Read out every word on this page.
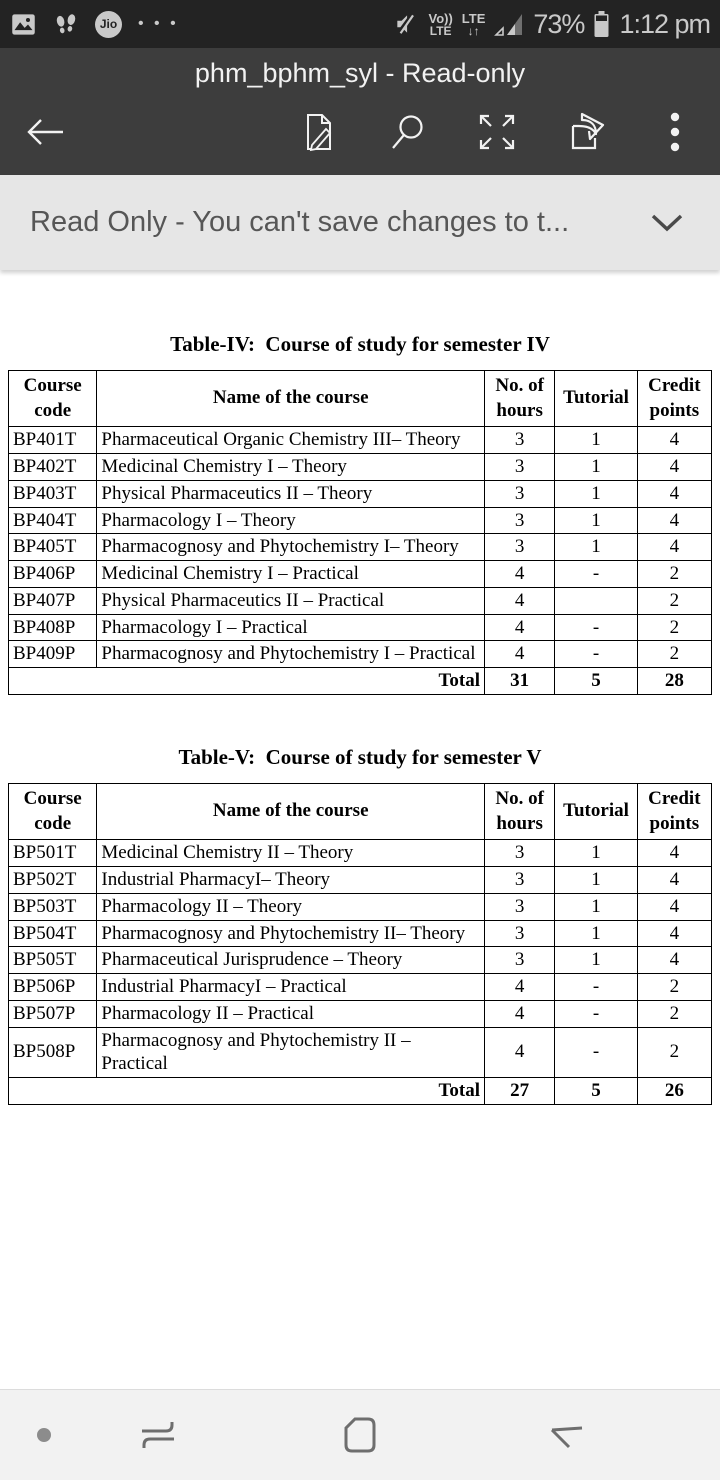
Jio	• • •	Vo))
LTE
LTE
↓↑ 73% 1:12 pm
phm_bphm_syl - Read-only
Read Only - You can't save changes to t...
Table-IV:  Course of study for semester IV
Course code	Name of the course	No. of hours	Tutorial	Credit points
BP401T	Pharmaceutical Organic Chemistry III– Theory	3	1	4
BP402T	Medicinal Chemistry I – Theory	3	1	4
BP403T	Physical Pharmaceutics II – Theory	3	1	4
BP404T	Pharmacology I – Theory	3	1	4
BP405T	Pharmacognosy and Phytochemistry I– Theory	3	1	4
BP406P	Medicinal Chemistry I – Practical	4	-	2
BP407P	Physical Pharmaceutics II – Practical	4		2
BP408P	Pharmacology I – Practical	4	-	2
BP409P	Pharmacognosy and Phytochemistry I – Practical	4	-	2
Total		31	5	28
Table-V:  Course of study for semester V
Course code	Name of the course	No. of hours	Tutorial	Credit points
BP501T	Medicinal Chemistry II – Theory	3	1	4
BP502T	Industrial PharmacyI– Theory	3	1	4
BP503T	Pharmacology II – Theory	3	1	4
BP504T	Pharmacognosy and Phytochemistry II– Theory	3	1	4
BP505T	Pharmaceutical Jurisprudence – Theory	3	1	4
BP506P	Industrial PharmacyI – Practical	4	-	2
BP507P	Pharmacology II – Practical	4	-	2
BP508P	Pharmacognosy and Phytochemistry II – Practical	4	-	2
Total		27	5	26
